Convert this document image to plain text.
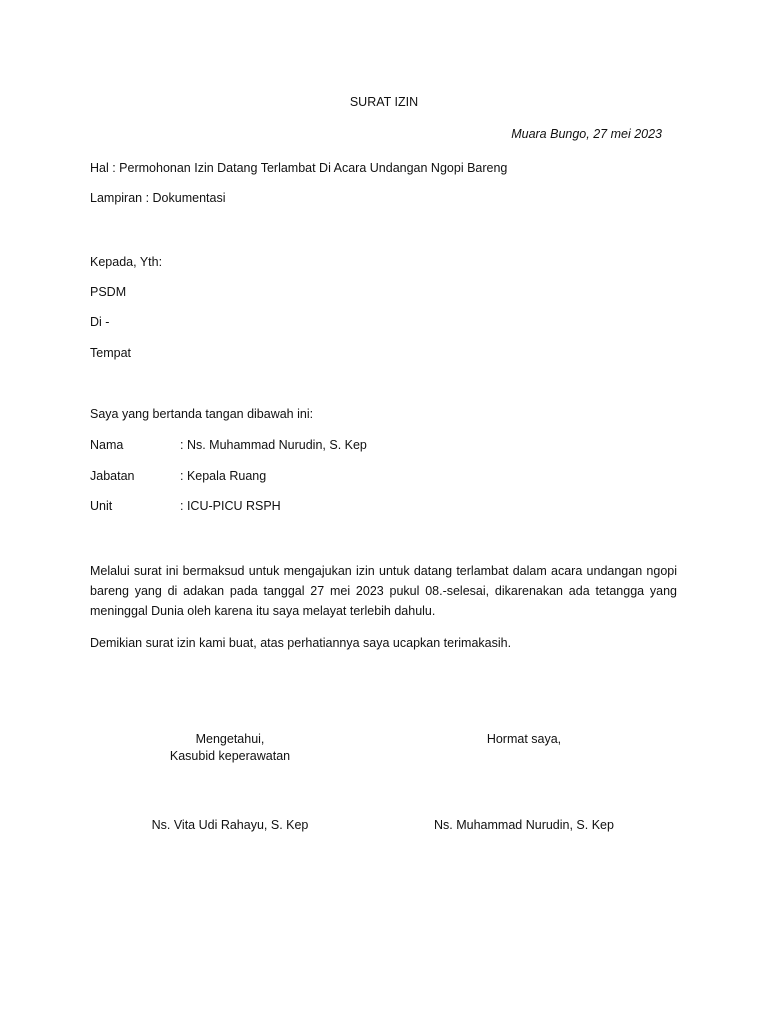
SURAT IZIN
Muara Bungo, 27 mei 2023
Hal : Permohonan Izin Datang Terlambat Di Acara Undangan Ngopi Bareng
Lampiran : Dokumentasi
Kepada, Yth:
PSDM
Di -
Tempat
Saya yang bertanda tangan dibawah ini:
Nama	: Ns. Muhammad Nurudin, S. Kep
Jabatan	: Kepala Ruang
Unit	: ICU-PICU RSPH
Melalui surat ini bermaksud untuk mengajukan izin untuk datang terlambat dalam acara undangan ngopi bareng yang di adakan pada tanggal 27 mei 2023 pukul 08.-selesai, dikarenakan ada tetangga yang meninggal Dunia oleh karena itu saya melayat terlebih dahulu.
Demikian surat izin kami buat, atas perhatiannya saya ucapkan terimakasih.
Mengetahui,
Kasubid keperawatan
Hormat saya,
Ns. Vita Udi Rahayu, S. Kep	Ns. Muhammad Nurudin, S. Kep
